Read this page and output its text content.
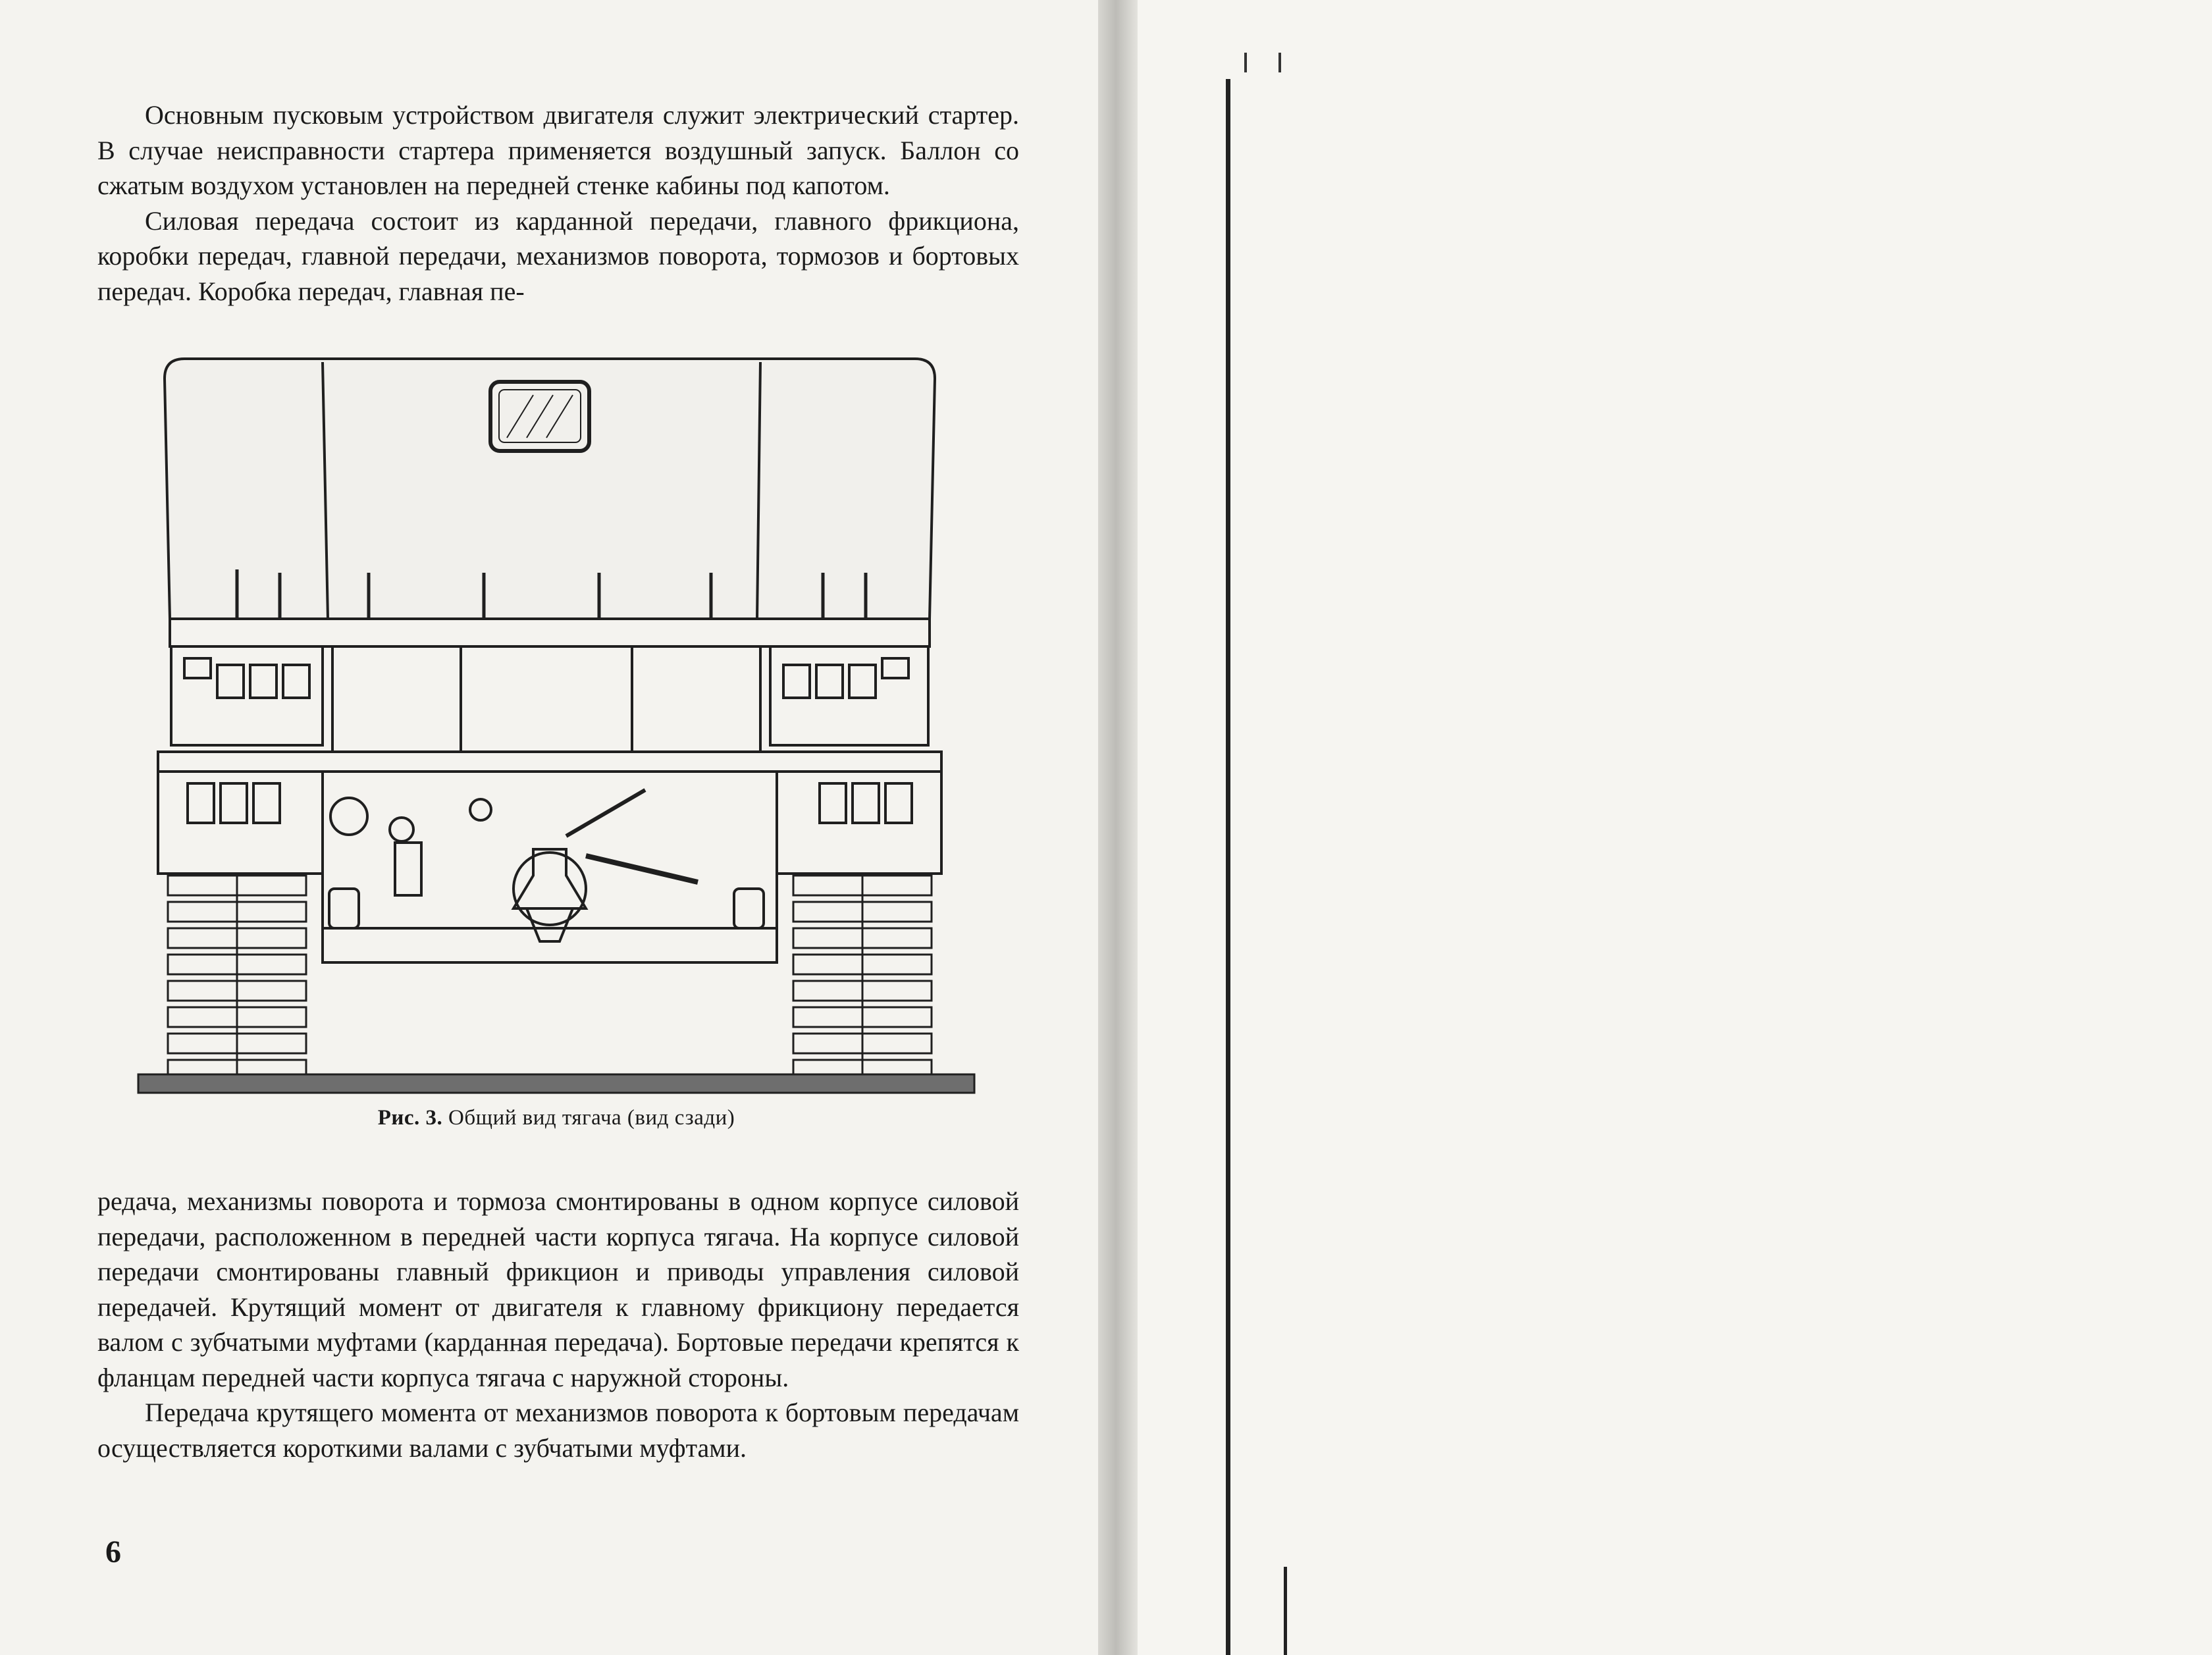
Основным пусковым устройством двигателя служит электрический стартер. В случае неисправности стартера применяется воздушный запуск. Баллон со сжатым воздухом установлен на передней стенке кабины под капотом.

Силовая передача состоит из карданной передачи, главного фрикциона, коробки передач, главной передачи, механизмов поворота, тормозов и бортовых передач. Коробка передач, главная пе-

Рис. 3. Общий вид тягача (вид сзади)

редача, механизмы поворота и тормоза смонтированы в одном корпусе силовой передачи, расположенном в передней части корпуса тягача. На корпусе силовой передачи смонтированы главный фрикцион и приводы управления силовой передачей. Крутящий момент от двигателя к главному фрикциону передается валом с зубчатыми муфтами (карданная передача). Бортовые передачи крепятся к фланцам передней части корпуса тягача с наружной стороны.

Передача крутящего момента от механизмов поворота к бортовым передачам осуществляется короткими валами с зубчатыми муфтами.

6
